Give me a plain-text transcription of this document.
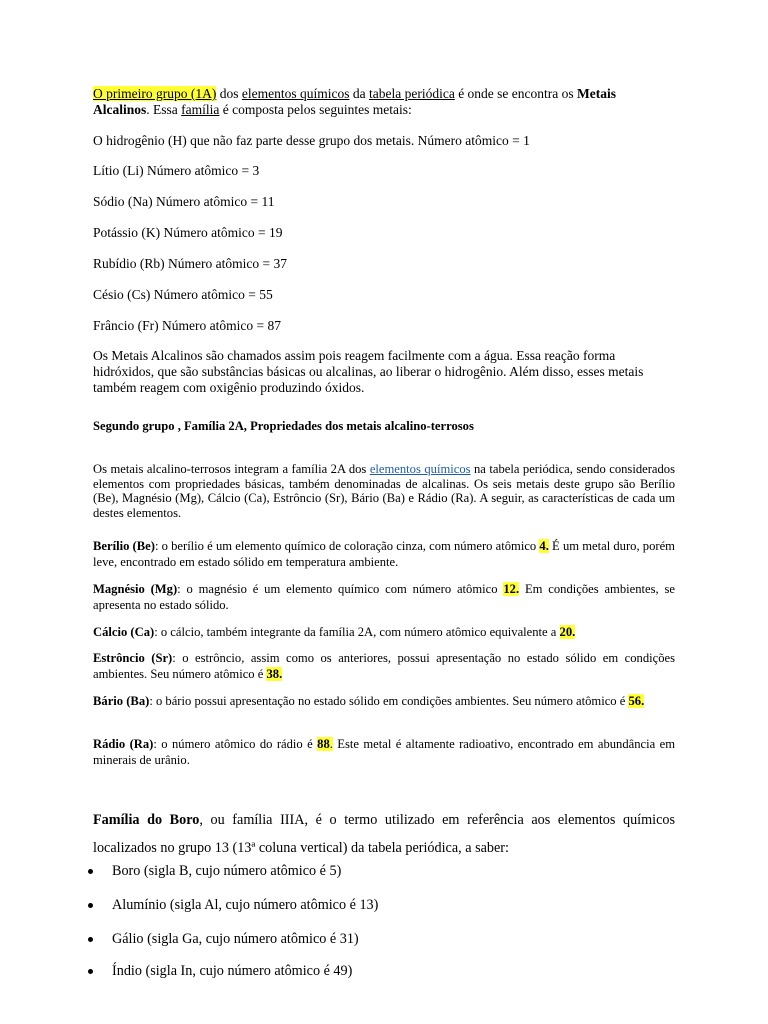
O primeiro grupo (1A) dos elementos químicos da tabela periódica é onde se encontra os Metais Alcalinos. Essa família é composta pelos seguintes metais:

O hidrogênio (H) que não faz parte desse grupo dos metais. Número atômico = 1

Lítio (Li) Número atômico = 3

Sódio (Na) Número atômico = 11

Potássio (K) Número atômico = 19

Rubídio (Rb) Número atômico = 37

Césio (Cs) Número atômico = 55

Frâncio (Fr) Número atômico = 87

Os Metais Alcalinos são chamados assim pois reagem facilmente com a água. Essa reação forma hidróxidos, que são substâncias básicas ou alcalinas, ao liberar o hidrogênio. Além disso, esses metais também reagem com oxigênio produzindo óxidos.

Segundo grupo , Família 2A, Propriedades dos metais alcalino-terrosos

Os metais alcalino-terrosos integram a família 2A dos elementos químicos na tabela periódica, sendo considerados elementos com propriedades básicas, também denominadas de alcalinas. Os seis metais deste grupo são Berílio (Be), Magnésio (Mg), Cálcio (Ca), Estrôncio (Sr), Bário (Ba) e Rádio (Ra). A seguir, as características de cada um destes elementos.

Berílio (Be): o berílio é um elemento químico de coloração cinza, com número atômico 4. É um metal duro, porém leve, encontrado em estado sólido em temperatura ambiente.

Magnésio (Mg): o magnésio é um elemento químico com número atômico 12. Em condições ambientes, se apresenta no estado sólido.

Cálcio (Ca): o cálcio, também integrante da família 2A, com número atômico equivalente a 20.

Estrôncio (Sr): o estrôncio, assim como os anteriores, possui apresentação no estado sólido em condições ambientes. Seu número atômico é 38.

Bário (Ba): o bário possui apresentação no estado sólido em condições ambientes. Seu número atômico é 56.

Rádio (Ra): o número atômico do rádio é 88. Este metal é altamente radioativo, encontrado em abundância em minerais de urânio.

Família do Boro, ou família IIIA, é o termo utilizado em referência aos elementos químicos localizados no grupo 13 (13ª coluna vertical) da tabela periódica, a saber:

Boro (sigla B, cujo número atômico é 5)
Alumínio (sigla Al, cujo número atômico é 13)
Gálio (sigla Ga, cujo número atômico é 31)
Índio (sigla In, cujo número atômico é 49)
